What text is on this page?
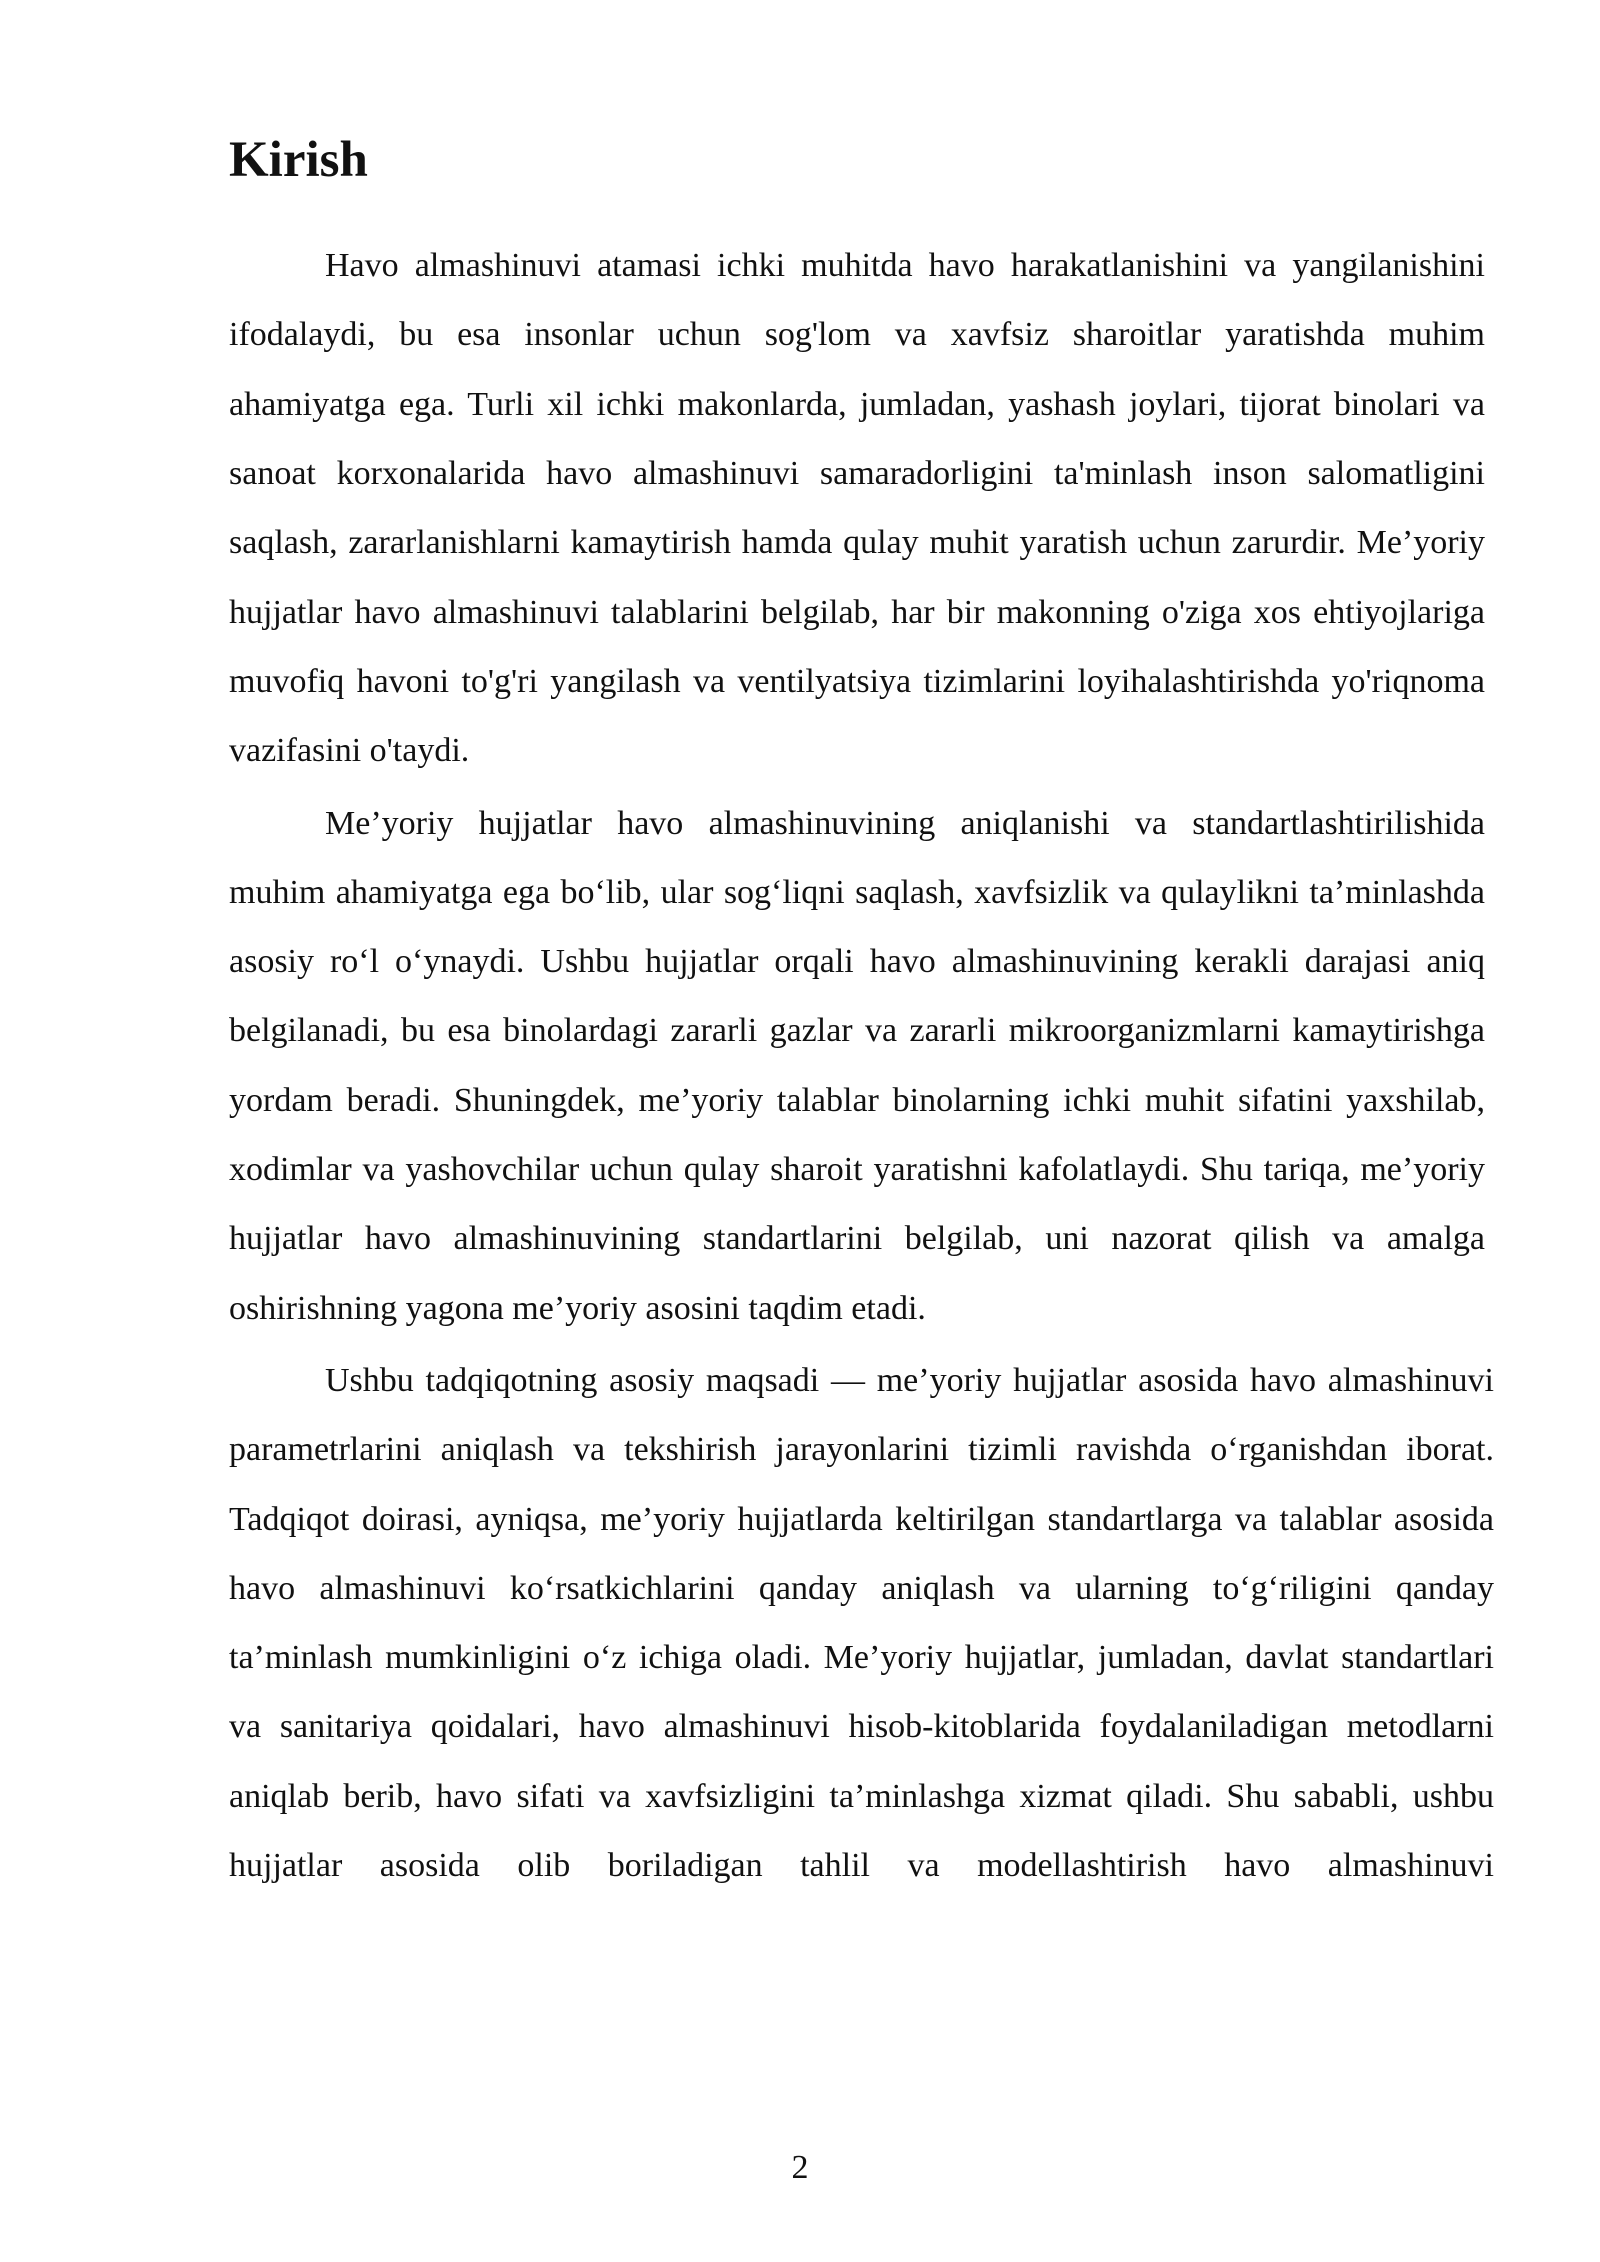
Kirish

Havo almashinuvi atamasi ichki muhitda havo harakatlanishini va yangilanishini ifodalaydi, bu esa insonlar uchun sog'lom va xavfsiz sharoitlar yaratishda muhim ahamiyatga ega. Turli xil ichki makonlarda, jumladan, yashash joylari, tijorat binolari va sanoat korxonalarida havo almashinuvi samaradorligini ta'minlash inson salomatligini saqlash, zararlanishlarni kamaytirish hamda qulay muhit yaratish uchun zarurdir. Me’yoriy hujjatlar havo almashinuvi talablarini belgilab, har bir makonning o'ziga xos ehtiyojlariga muvofiq havoni to'g'ri yangilash va ventilyatsiya tizimlarini loyihalashtirishda yo'riqnoma vazifasini o'taydi.

Me’yoriy hujjatlar havo almashinuvining aniqlanishi va standartlashtirilishida muhim ahamiyatga ega bo‘lib, ular sog‘liqni saqlash, xavfsizlik va qulaylikni ta’minlashda asosiy ro‘l o‘ynaydi. Ushbu hujjatlar orqali havo almashinuvining kerakli darajasi aniq belgilanadi, bu esa binolardagi zararli gazlar va zararli mikroorganizmlarni kamaytirishga yordam beradi. Shuningdek, me’yoriy talablar binolarning ichki muhit sifatini yaxshilab, xodimlar va yashovchilar uchun qulay sharoit yaratishni kafolatlaydi. Shu tariqa, me’yoriy hujjatlar havo almashinuvining standartlarini belgilab, uni nazorat qilish va amalga oshirishning yagona me’yoriy asosini taqdim etadi.

Ushbu tadqiqotning asosiy maqsadi — me’yoriy hujjatlar asosida havo almashinuvi parametrlarini aniqlash va tekshirish jarayonlarini tizimli ravishda o‘rganishdan iborat. Tadqiqot doirasi, ayniqsa, me’yoriy hujjatlarda keltirilgan standartlarga va talablar asosida havo almashinuvi ko‘rsatkichlarini qanday aniqlash va ularning to‘g‘riligini qanday ta’minlash mumkinligini o‘z ichiga oladi. Me’yoriy hujjatlar, jumladan, davlat standartlari va sanitariya qoidalari, havo almashinuvi hisob-kitoblarida foydalaniladigan metodlarni aniqlab berib, havo sifati va xavfsizligini ta’minlashga xizmat qiladi. Shu sababli, ushbu hujjatlar asosida olib boriladigan tahlil va modellashtirish havo almashinuvi

2
